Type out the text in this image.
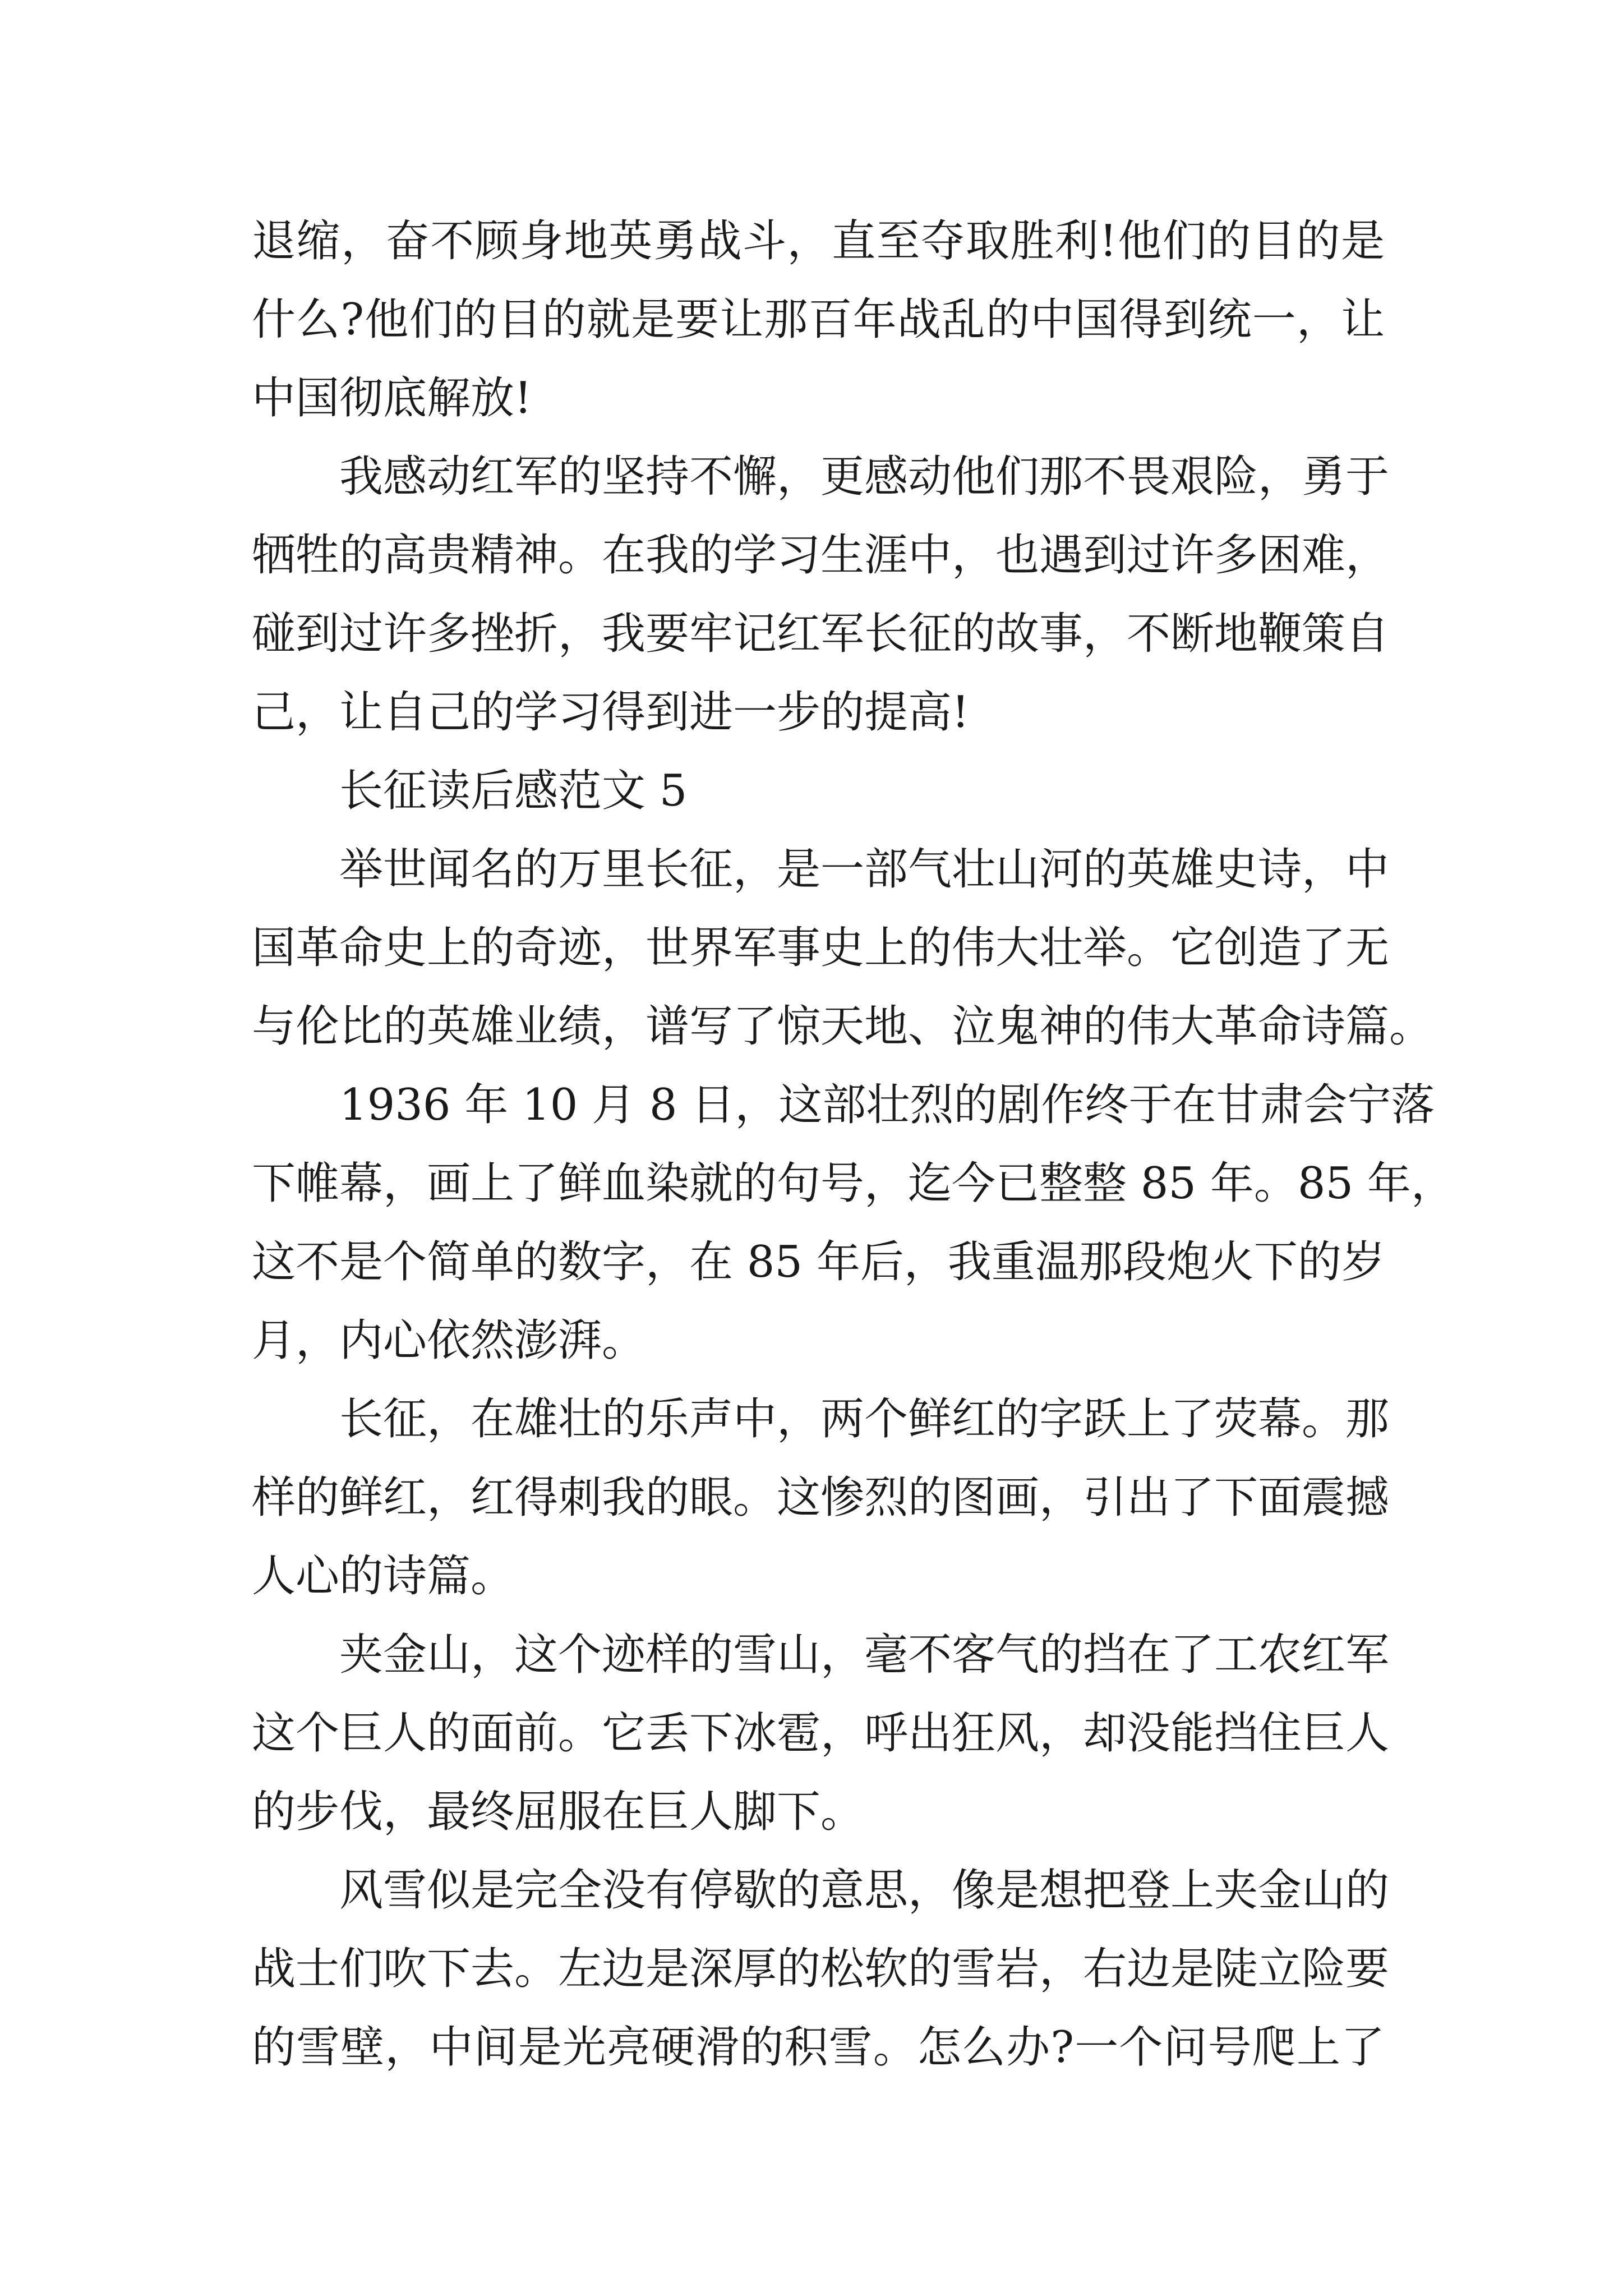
退缩，奋不顾身地英勇战斗，直至夺取胜利!他们的目的是
什么?他们的目的就是要让那百年战乱的中国得到统一，让
中国彻底解放!
我感动红军的坚持不懈，更感动他们那不畏艰险，勇于
牺牲的高贵精神。在我的学习生涯中，也遇到过许多困难，
碰到过许多挫折，我要牢记红军长征的故事，不断地鞭策自
己，让自己的学习得到进一步的提高!
长征读后感范文 5
举世闻名的万里长征，是一部气壮山河的英雄史诗，中
国革命史上的奇迹，世界军事史上的伟大壮举。它创造了无
与伦比的英雄业绩，谱写了惊天地、泣鬼神的伟大革命诗篇。
1936 年 10 月 8 日，这部壮烈的剧作终于在甘肃会宁落
下帷幕，画上了鲜血染就的句号，迄今已整整 85 年。85 年，
这不是个简单的数字，在 85 年后，我重温那段炮火下的岁
月，内心依然澎湃。
长征，在雄壮的乐声中，两个鲜红的字跃上了荧幕。那
样的鲜红，红得刺我的眼。这惨烈的图画，引出了下面震撼
人心的诗篇。
夹金山，这个迹样的雪山，毫不客气的挡在了工农红军
这个巨人的面前。它丢下冰雹，呼出狂风，却没能挡住巨人
的步伐，最终屈服在巨人脚下。
风雪似是完全没有停歇的意思，像是想把登上夹金山的
战士们吹下去。左边是深厚的松软的雪岩，右边是陡立险要
的雪壁，中间是光亮硬滑的积雪。怎么办?一个问号爬上了
